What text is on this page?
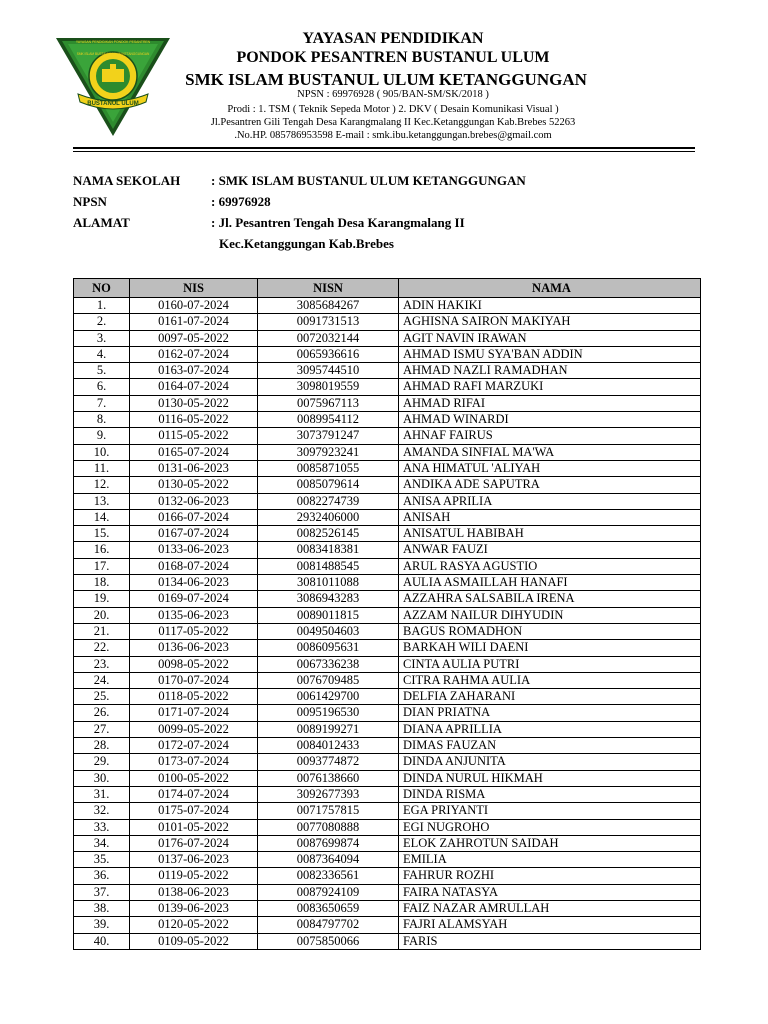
BUSTANUL ULUM
YAYASAN PENDIDIKAN PONDOK PESANTREN
SMK ISLAM BUSTANUL ULUM KETANGGUNGAN
YAYASAN PENDIDIKAN
PONDOK PESANTREN BUSTANUL ULUM
SMK ISLAM BUSTANUL ULUM KETANGGUNGAN
NPSN : 69976928 ( 905/BAN-SM/SK/2018 )
Prodi : 1. TSM ( Teknik Sepeda Motor ) 2. DKV ( Desain Komunikasi Visual )
Jl.Pesantren Gili Tengah Desa Karangmalang II Kec.Ketanggungan Kab.Brebes 52263
.No.HP. 085786953598 E-mail : smk.ibu.ketanggungan.brebes@gmail.com
NAMA SEKOLAH : SMK ISLAM BUSTANUL ULUM KETANGGUNGAN
NPSN	: 69976928
ALAMAT	: Jl. Pesantren Tengah Desa Karangmalang II
Kec.Ketanggungan Kab.Brebes
NO	NIS	NISN	NAMA
1.	0160-07-2024	3085684267	ADIN HAKIKI
2.	0161-07-2024	0091731513	AGHISNA SAIRON MAKIYAH
3.	0097-05-2022	0072032144	AGIT NAVIN IRAWAN
4.	0162-07-2024	0065936616	AHMAD ISMU SYA'BAN ADDIN
5.	0163-07-2024	3095744510	AHMAD NAZLI RAMADHAN
6.	0164-07-2024	3098019559	AHMAD RAFI MARZUKI
7.	0130-05-2022	0075967113	AHMAD RIFAI
8.	0116-05-2022	0089954112	AHMAD WINARDI
9.	0115-05-2022	3073791247	AHNAF FAIRUS
10.	0165-07-2024	3097923241	AMANDA SINFIAL MA'WA
11.	0131-06-2023	0085871055	ANA HIMATUL 'ALIYAH
12.	0130-05-2022	0085079614	ANDIKA ADE SAPUTRA
13.	0132-06-2023	0082274739	ANISA APRILIA
14.	0166-07-2024	2932406000	ANISAH
15.	0167-07-2024	0082526145	ANISATUL HABIBAH
16.	0133-06-2023	0083418381	ANWAR FAUZI
17.	0168-07-2024	0081488545	ARUL RASYA AGUSTIO
18.	0134-06-2023	3081011088	AULIA ASMAILLAH HANAFI
19.	0169-07-2024	3086943283	AZZAHRA SALSABILA IRENA
20.	0135-06-2023	0089011815	AZZAM NAILUR DIHYUDIN
21.	0117-05-2022	0049504603	BAGUS ROMADHON
22.	0136-06-2023	0086095631	BARKAH WILI DAENI
23.	0098-05-2022	0067336238	CINTA AULIA PUTRI
24.	0170-07-2024	0076709485	CITRA RAHMA AULIA
25.	0118-05-2022	0061429700	DELFIA ZAHARANI
26.	0171-07-2024	0095196530	DIAN PRIATNA
27.	0099-05-2022	0089199271	DIANA APRILLIA
28.	0172-07-2024	0084012433	DIMAS FAUZAN
29.	0173-07-2024	0093774872	DINDA ANJUNITA
30.	0100-05-2022	0076138660	DINDA NURUL HIKMAH
31.	0174-07-2024	3092677393	DINDA RISMA
32.	0175-07-2024	0071757815	EGA PRIYANTI
33.	0101-05-2022	0077080888	EGI NUGROHO
34.	0176-07-2024	0087699874	ELOK ZAHROTUN SAIDAH
35.	0137-06-2023	0087364094	EMILIA
36.	0119-05-2022	0082336561	FAHRUR ROZHI
37.	0138-06-2023	0087924109	FAIRA NATASYA
38.	0139-06-2023	0083650659	FAIZ NAZAR AMRULLAH
39.	0120-05-2022	0084797702	FAJRI ALAMSYAH
40.	0109-05-2022	0075850066	FARIS
